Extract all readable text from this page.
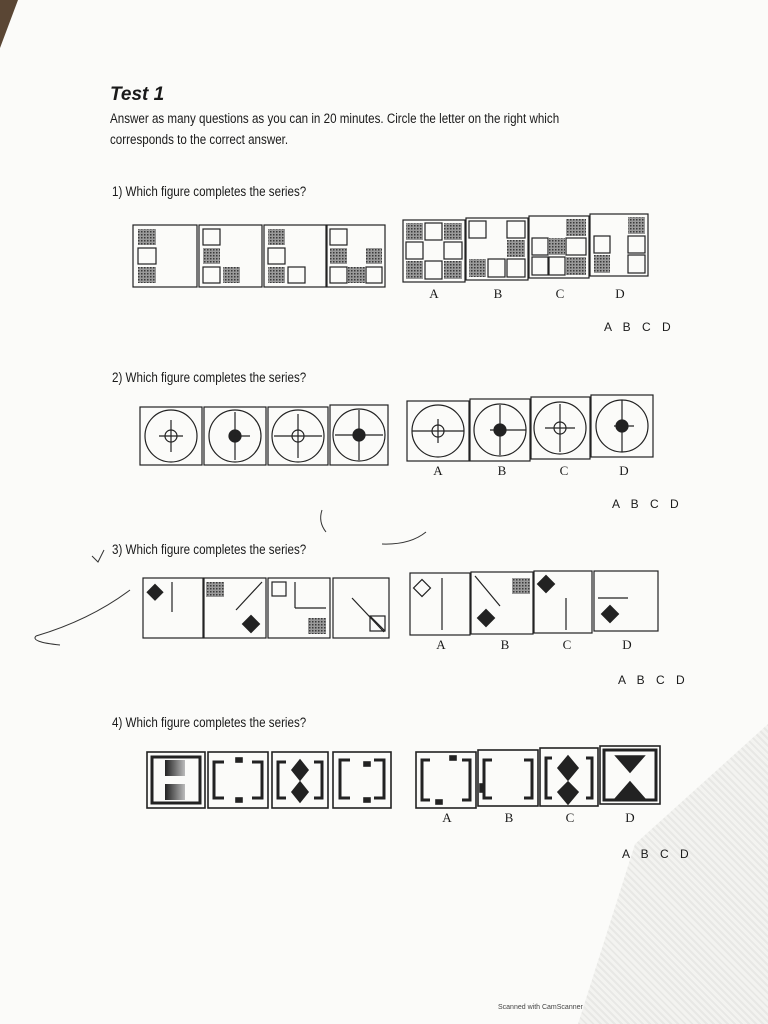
Test 1
Answer as many questions as you can in 20 minutes. Circle the letter on the right which corresponds to the correct answer.
1) Which figure completes the series?
A	B	C	D
A B C D
2) Which figure completes the series?
A	B	C	D
A B C D
3) Which figure completes the series?
A	B	C	D
A B C D
4) Which figure completes the series?
A	B	C	D
A B C D
Scanned with CamScanner
